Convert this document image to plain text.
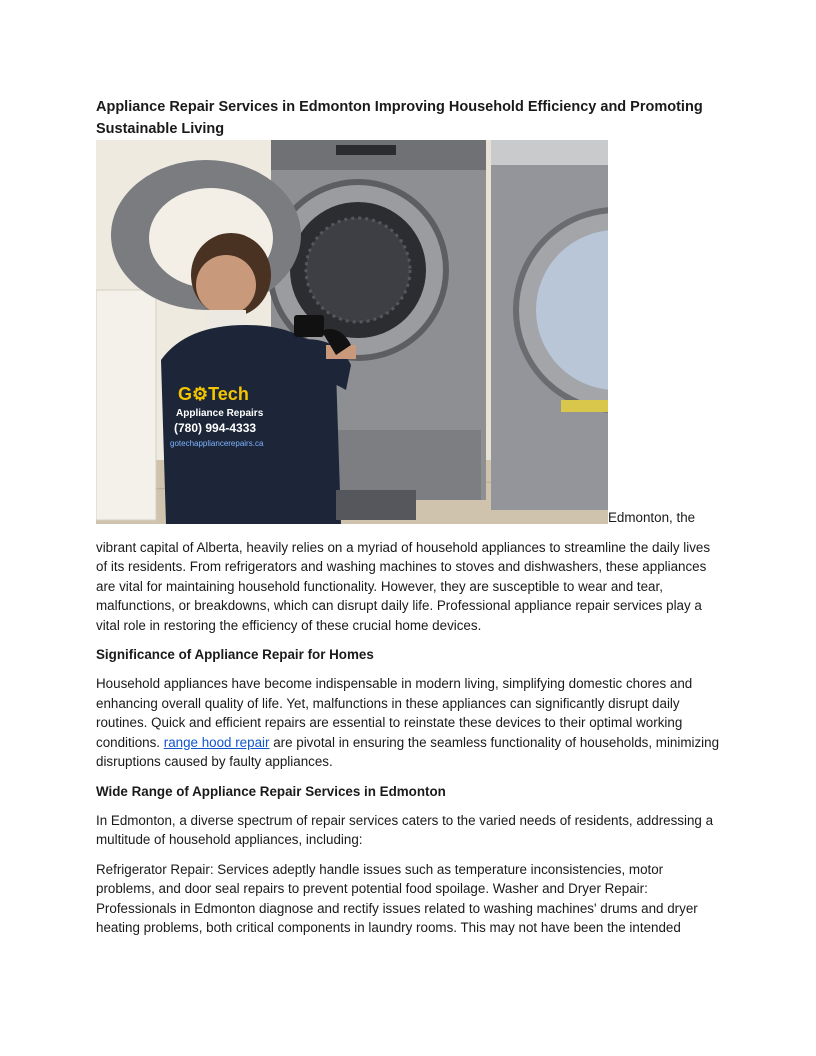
Appliance Repair Services in Edmonton Improving Household Efficiency and Promoting Sustainable Living
G⚙Tech
Appliance Repairs
(780) 994-4333
gotechappliancerepairs.ca

Edmonton, the

vibrant capital of Alberta, heavily relies on a myriad of household appliances to streamline the daily lives of its residents. From refrigerators and washing machines to stoves and dishwashers, these appliances are vital for maintaining household functionality. However, they are susceptible to wear and tear, malfunctions, or breakdowns, which can disrupt daily life. Professional appliance repair services play a vital role in restoring the efficiency of these crucial home devices.

Significance of Appliance Repair for Homes

Household appliances have become indispensable in modern living, simplifying domestic chores and enhancing overall quality of life. Yet, malfunctions in these appliances can significantly disrupt daily routines. Quick and efficient repairs are essential to reinstate these devices to their optimal working conditions. range hood repair are pivotal in ensuring the seamless functionality of households, minimizing disruptions caused by faulty appliances.

Wide Range of Appliance Repair Services in Edmonton

In Edmonton, a diverse spectrum of repair services caters to the varied needs of residents, addressing a multitude of household appliances, including:

Refrigerator Repair: Services adeptly handle issues such as temperature inconsistencies, motor problems, and door seal repairs to prevent potential food spoilage. Washer and Dryer Repair: Professionals in Edmonton diagnose and rectify issues related to washing machines' drums and dryer heating problems, both critical components in laundry rooms. This may not have been the intended
